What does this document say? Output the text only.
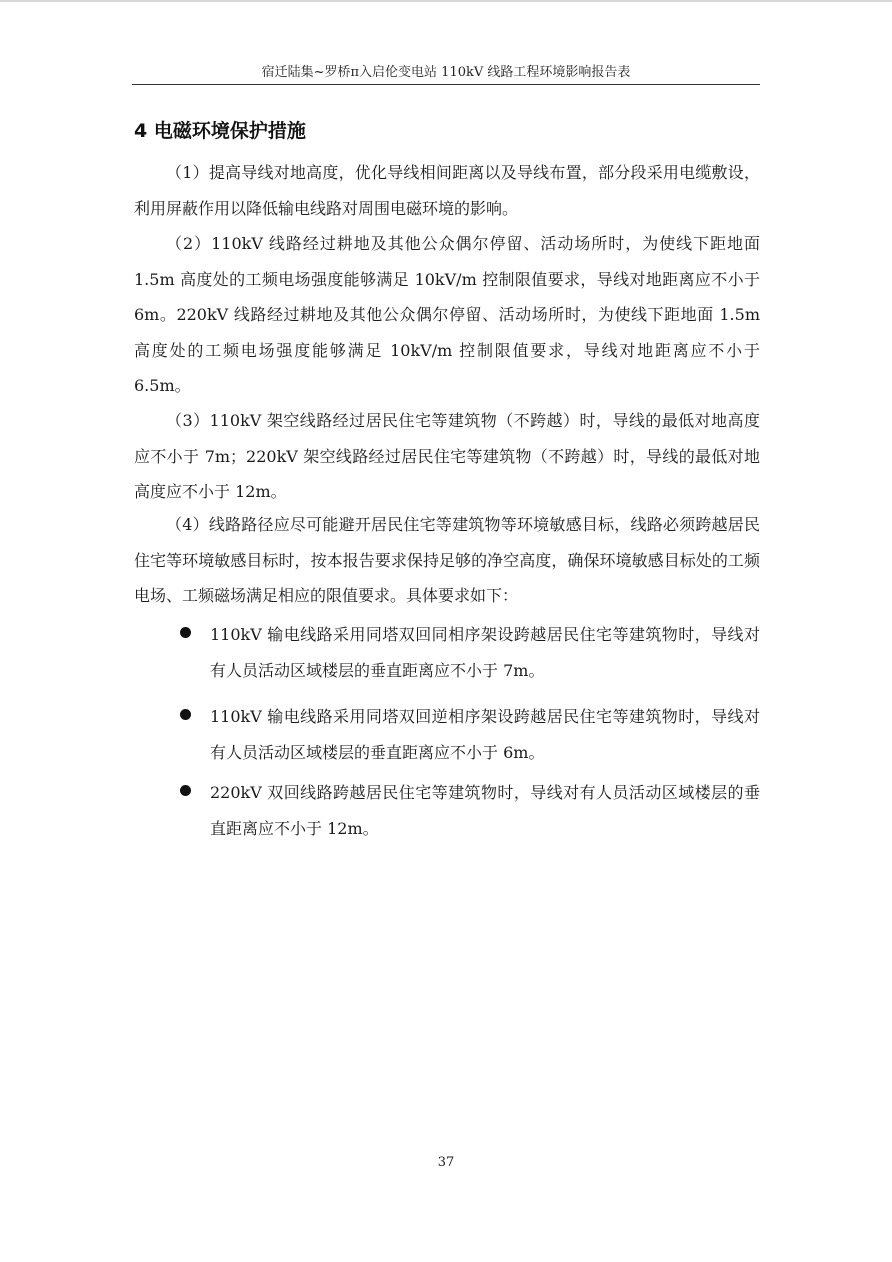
宿迁陆集~罗桥π入启伦变电站 110kV 线路工程环境影响报告表
4 电磁环境保护措施

（1）提高导线对地高度，优化导线相间距离以及导线布置，部分段采用电缆敷设，利用屏蔽作用以降低输电线路对周围电磁环境的影响。

（2）110kV 线路经过耕地及其他公众偶尔停留、活动场所时，为使线下距地面 1.5m 高度处的工频电场强度能够满足 10kV/m 控制限值要求，导线对地距离应不小于 6m。220kV 线路经过耕地及其他公众偶尔停留、活动场所时，为使线下距地面 1.5m 高度处的工频电场强度能够满足 10kV/m 控制限值要求，导线对地距离应不小于 6.5m。

（3）110kV 架空线路经过居民住宅等建筑物（不跨越）时，导线的最低对地高度应不小于 7m；220kV 架空线路经过居民住宅等建筑物（不跨越）时，导线的最低对地高度应不小于 12m。

（4）线路路径应尽可能避开居民住宅等建筑物等环境敏感目标，线路必须跨越居民住宅等环境敏感目标时，按本报告要求保持足够的净空高度，确保环境敏感目标处的工频电场、工频磁场满足相应的限值要求。具体要求如下：

110kV 输电线路采用同塔双回同相序架设跨越居民住宅等建筑物时，导线对有人员活动区域楼层的垂直距离应不小于 7m。
110kV 输电线路采用同塔双回逆相序架设跨越居民住宅等建筑物时，导线对有人员活动区域楼层的垂直距离应不小于 6m。
220kV 双回线路跨越居民住宅等建筑物时，导线对有人员活动区域楼层的垂直距离应不小于 12m。
37
